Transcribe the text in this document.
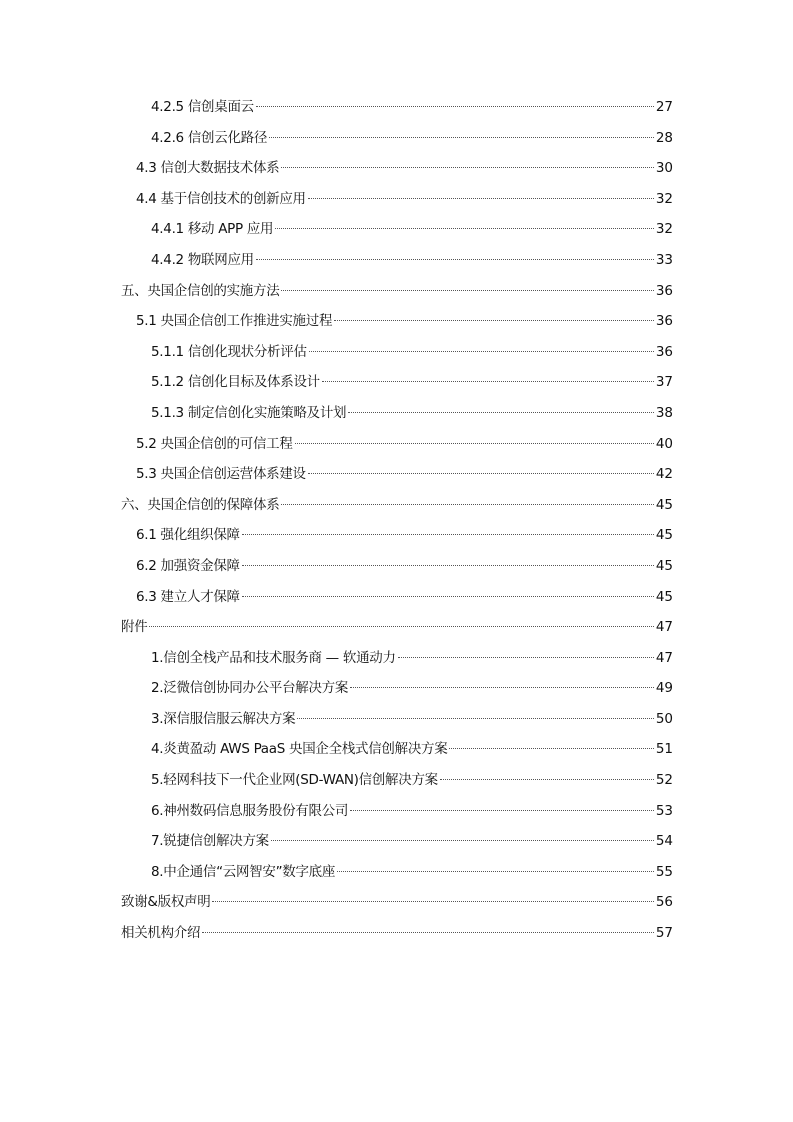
4.2.5 信创桌面云	27
4.2.6 信创云化路径	28
4.3 信创大数据技术体系	30
4.4 基于信创技术的创新应用	32
4.4.1 移动 APP 应用	32
4.4.2 物联网应用	33
五、央国企信创的实施方法	36
5.1 央国企信创工作推进实施过程	36
5.1.1 信创化现状分析评估	36
5.1.2 信创化目标及体系设计	37
5.1.3 制定信创化实施策略及计划	38
5.2 央国企信创的可信工程	40
5.3 央国企信创运营体系建设	42
六、央国企信创的保障体系	45
6.1 强化组织保障	45
6.2 加强资金保障	45
6.3 建立人才保障	45
附件	47
1.信创全栈产品和技术服务商 — 软通动力	47
2.泛微信创协同办公平台解决方案	49
3.深信服信服云解决方案	50
4.炎黄盈动 AWS PaaS 央国企全栈式信创解决方案	51
5.轻网科技下一代企业网(SD-WAN)信创解决方案	52
6.神州数码信息服务股份有限公司	53
7.锐捷信创解决方案	54
8.中企通信“云网智安”数字底座	55
致谢&版权声明	56
相关机构介绍	57
